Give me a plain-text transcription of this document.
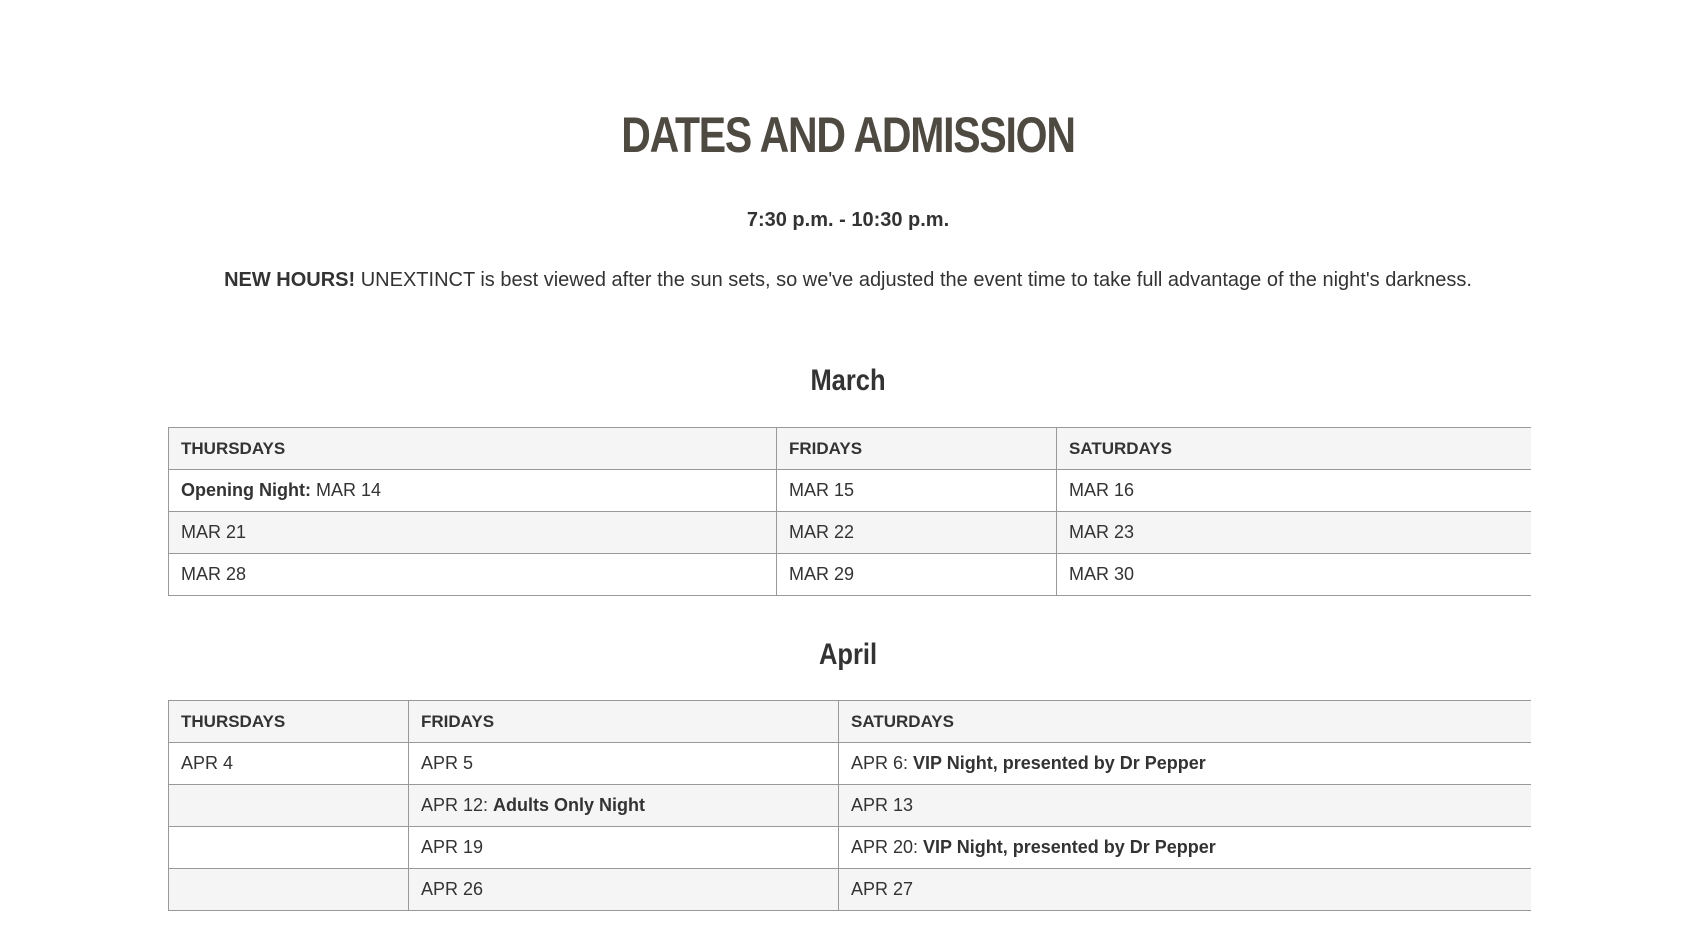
DATES AND ADMISSION
7:30 p.m. - 10:30 p.m.
NEW HOURS! UNEXTINCT is best viewed after the sun sets, so we've adjusted the event time to take full advantage of the night's darkness.
March
THURSDAYS	FRIDAYS	SATURDAYS
Opening Night: MAR 14	MAR 15	MAR 16
MAR 21	MAR 22	MAR 23
MAR 28	MAR 29	MAR 30
April
THURSDAYS	FRIDAYS	SATURDAYS
APR 4	APR 5	APR 6: VIP Night, presented by Dr Pepper
	APR 12: Adults Only Night	APR 13
	APR 19	APR 20: VIP Night, presented by Dr Pepper
	APR 26	APR 27
